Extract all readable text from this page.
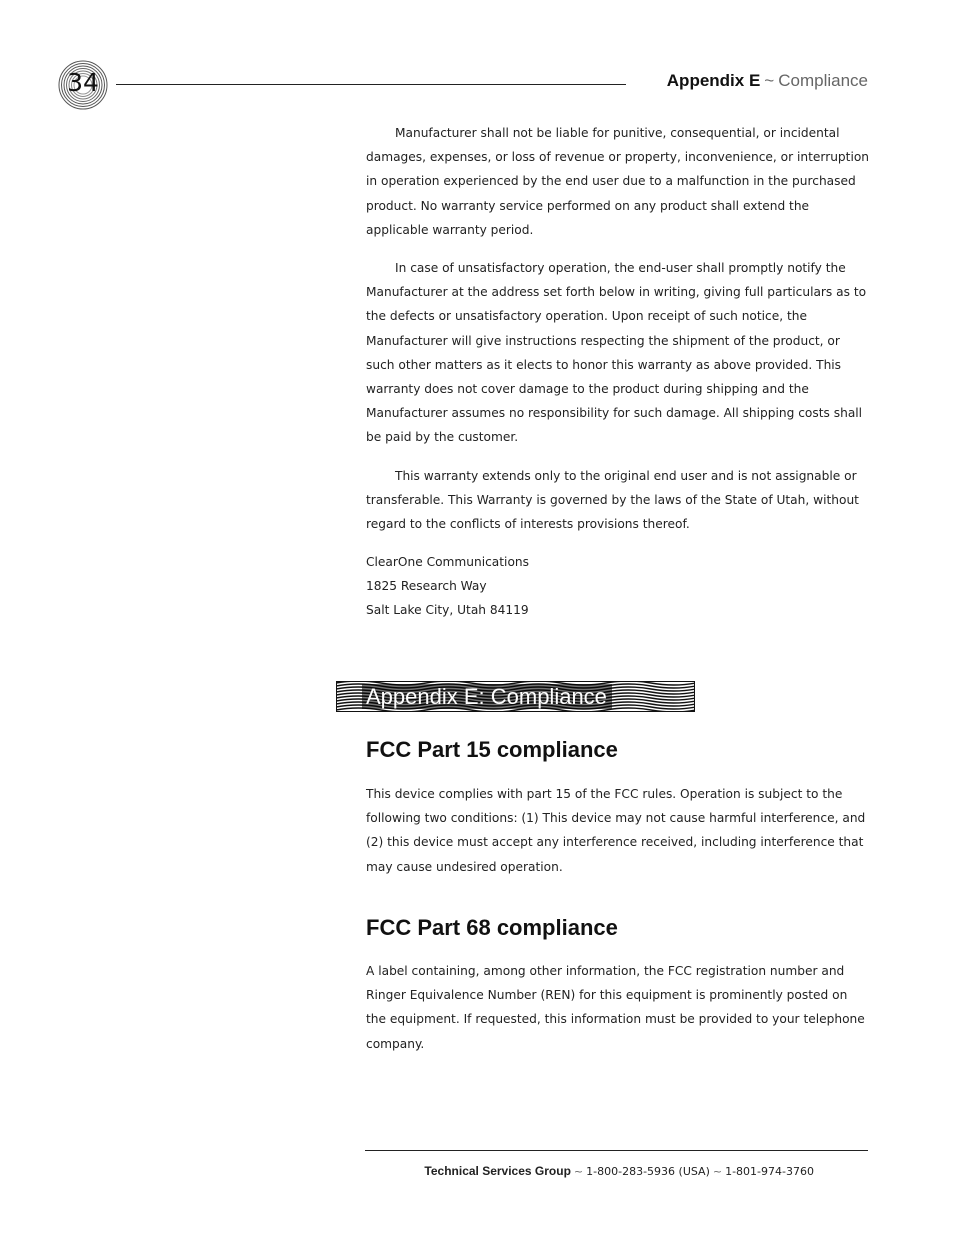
34	Appendix E ~ Compliance

Manufacturer shall not be liable for punitive, consequential, or incidental damages, expenses, or loss of revenue or property, inconvenience, or interruption in operation experienced by the end user due to a malfunction in the purchased product. No warranty service performed on any product shall extend the applicable warranty period.

In case of unsatisfactory operation, the end-user shall promptly notify the Manufacturer at the address set forth below in writing, giving full particulars as to the defects or unsatisfactory operation. Upon receipt of such notice, the Manufacturer will give instructions respecting the shipment of the product, or such other matters as it elects to honor this warranty as above provided. This warranty does not cover damage to the product during shipping and the Manufacturer assumes no responsibility for such damage. All shipping costs shall be paid by the customer.

This warranty extends only to the original end user and is not assignable or transferable. This Warranty is governed by the laws of the State of Utah, without regard to the conflicts of interests provisions thereof.

ClearOne Communications

1825 Research Way

Salt Lake City, Utah 84119

Appendix E: Compliance
FCC Part 15 compliance

This device complies with part 15 of the FCC rules. Operation is subject to the following two conditions: (1) This device may not cause harmful interference, and (2) this device must accept any interference received, including interference that may cause undesired operation.

FCC Part 68 compliance

A label containing, among other information, the FCC registration number and Ringer Equivalence Number (REN) for this equipment is prominently posted on the equipment. If requested, this information must be provided to your telephone company.

Technical Services Group ~ 1-800-283-5936 (USA) ~ 1-801-974-3760
